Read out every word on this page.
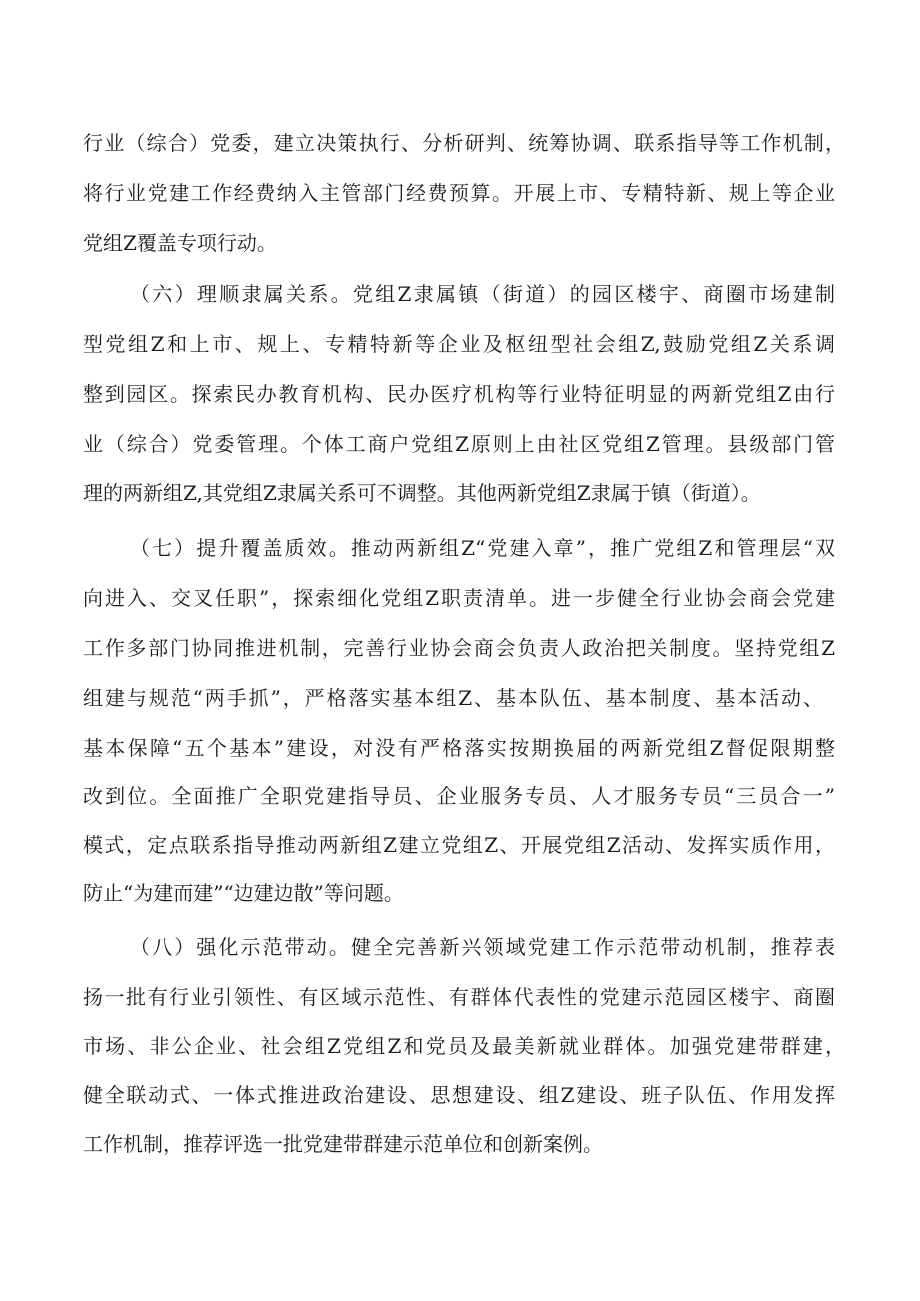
行业（综合）党委，建立决策执行、分析研判、统筹协调、联系指导等工作机制，
将行业党建工作经费纳入主管部门经费预算。开展上市、专精特新、规上等企业
党组Z覆盖专项行动。
（六）理顺隶属关系。党组Z隶属镇（街道）的园区楼宇、商圈市场建制
型党组Z和上市、规上、专精特新等企业及枢纽型社会组Z,鼓励党组Z关系调
整到园区。探索民办教育机构、民办医疗机构等行业特征明显的两新党组Z由行
业（综合）党委管理。个体工商户党组Z原则上由社区党组Z管理。县级部门管
理的两新组Z,其党组Z隶属关系可不调整。其他两新党组Z隶属于镇（街道）。
（七）提升覆盖质效。推动两新组Z“党建入章”，推广党组Z和管理层“双
向进入、交叉任职”，探索细化党组Z职责清单。进一步健全行业协会商会党建
工作多部门协同推进机制，完善行业协会商会负责人政治把关制度。坚持党组Z
组建与规范“两手抓”，严格落实基本组Z、基本队伍、基本制度、基本活动、
基本保障“五个基本”建设，对没有严格落实按期换届的两新党组Z督促限期整
改到位。全面推广全职党建指导员、企业服务专员、人才服务专员“三员合一”
模式，定点联系指导推动两新组Z建立党组Z、开展党组Z活动、发挥实质作用，
防止“为建而建”“边建边散”等问题。
（八）强化示范带动。健全完善新兴领域党建工作示范带动机制，推荐表
扬一批有行业引领性、有区域示范性、有群体代表性的党建示范园区楼宇、商圈
市场、非公企业、社会组Z党组Z和党员及最美新就业群体。加强党建带群建，
健全联动式、一体式推进政治建设、思想建设、组Z建设、班子队伍、作用发挥
工作机制，推荐评选一批党建带群建示范单位和创新案例。
